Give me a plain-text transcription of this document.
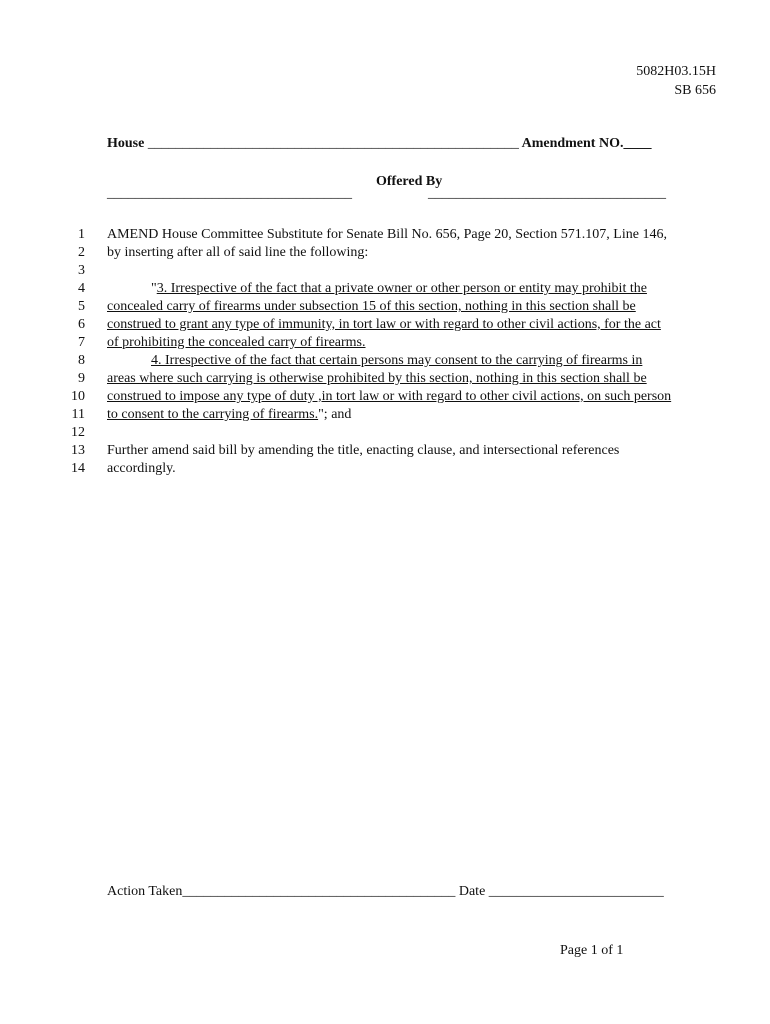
5082H03.15H
SB 656
House _____________________________________________________ Amendment NO.____
Offered By
___________________________________	__________________________________
1 AMEND House Committee Substitute for Senate Bill No. 656, Page 20, Section 571.107, Line 146,
2 by inserting after all of said line the following:
3
4	"3. Irrespective of the fact that a private owner or other person or entity may prohibit the
5 concealed carry of firearms under subsection 15 of this section, nothing in this section shall be
6 construed to grant any type of immunity, in tort law or with regard to other civil actions, for the act
7 of prohibiting the concealed carry of firearms.
8	4. Irrespective of the fact that certain persons may consent to the carrying of firearms in
9 areas where such carrying is otherwise prohibited by this section, nothing in this section shall be
10 construed to impose any type of duty ,in tort law or with regard to other civil actions, on such person
11 to consent to the carrying of firearms."; and
12
13 Further amend said bill by amending the title, enacting clause, and intersectional references
14 accordingly.
Action Taken_______________________________________ Date _________________________
Page 1 of 1
